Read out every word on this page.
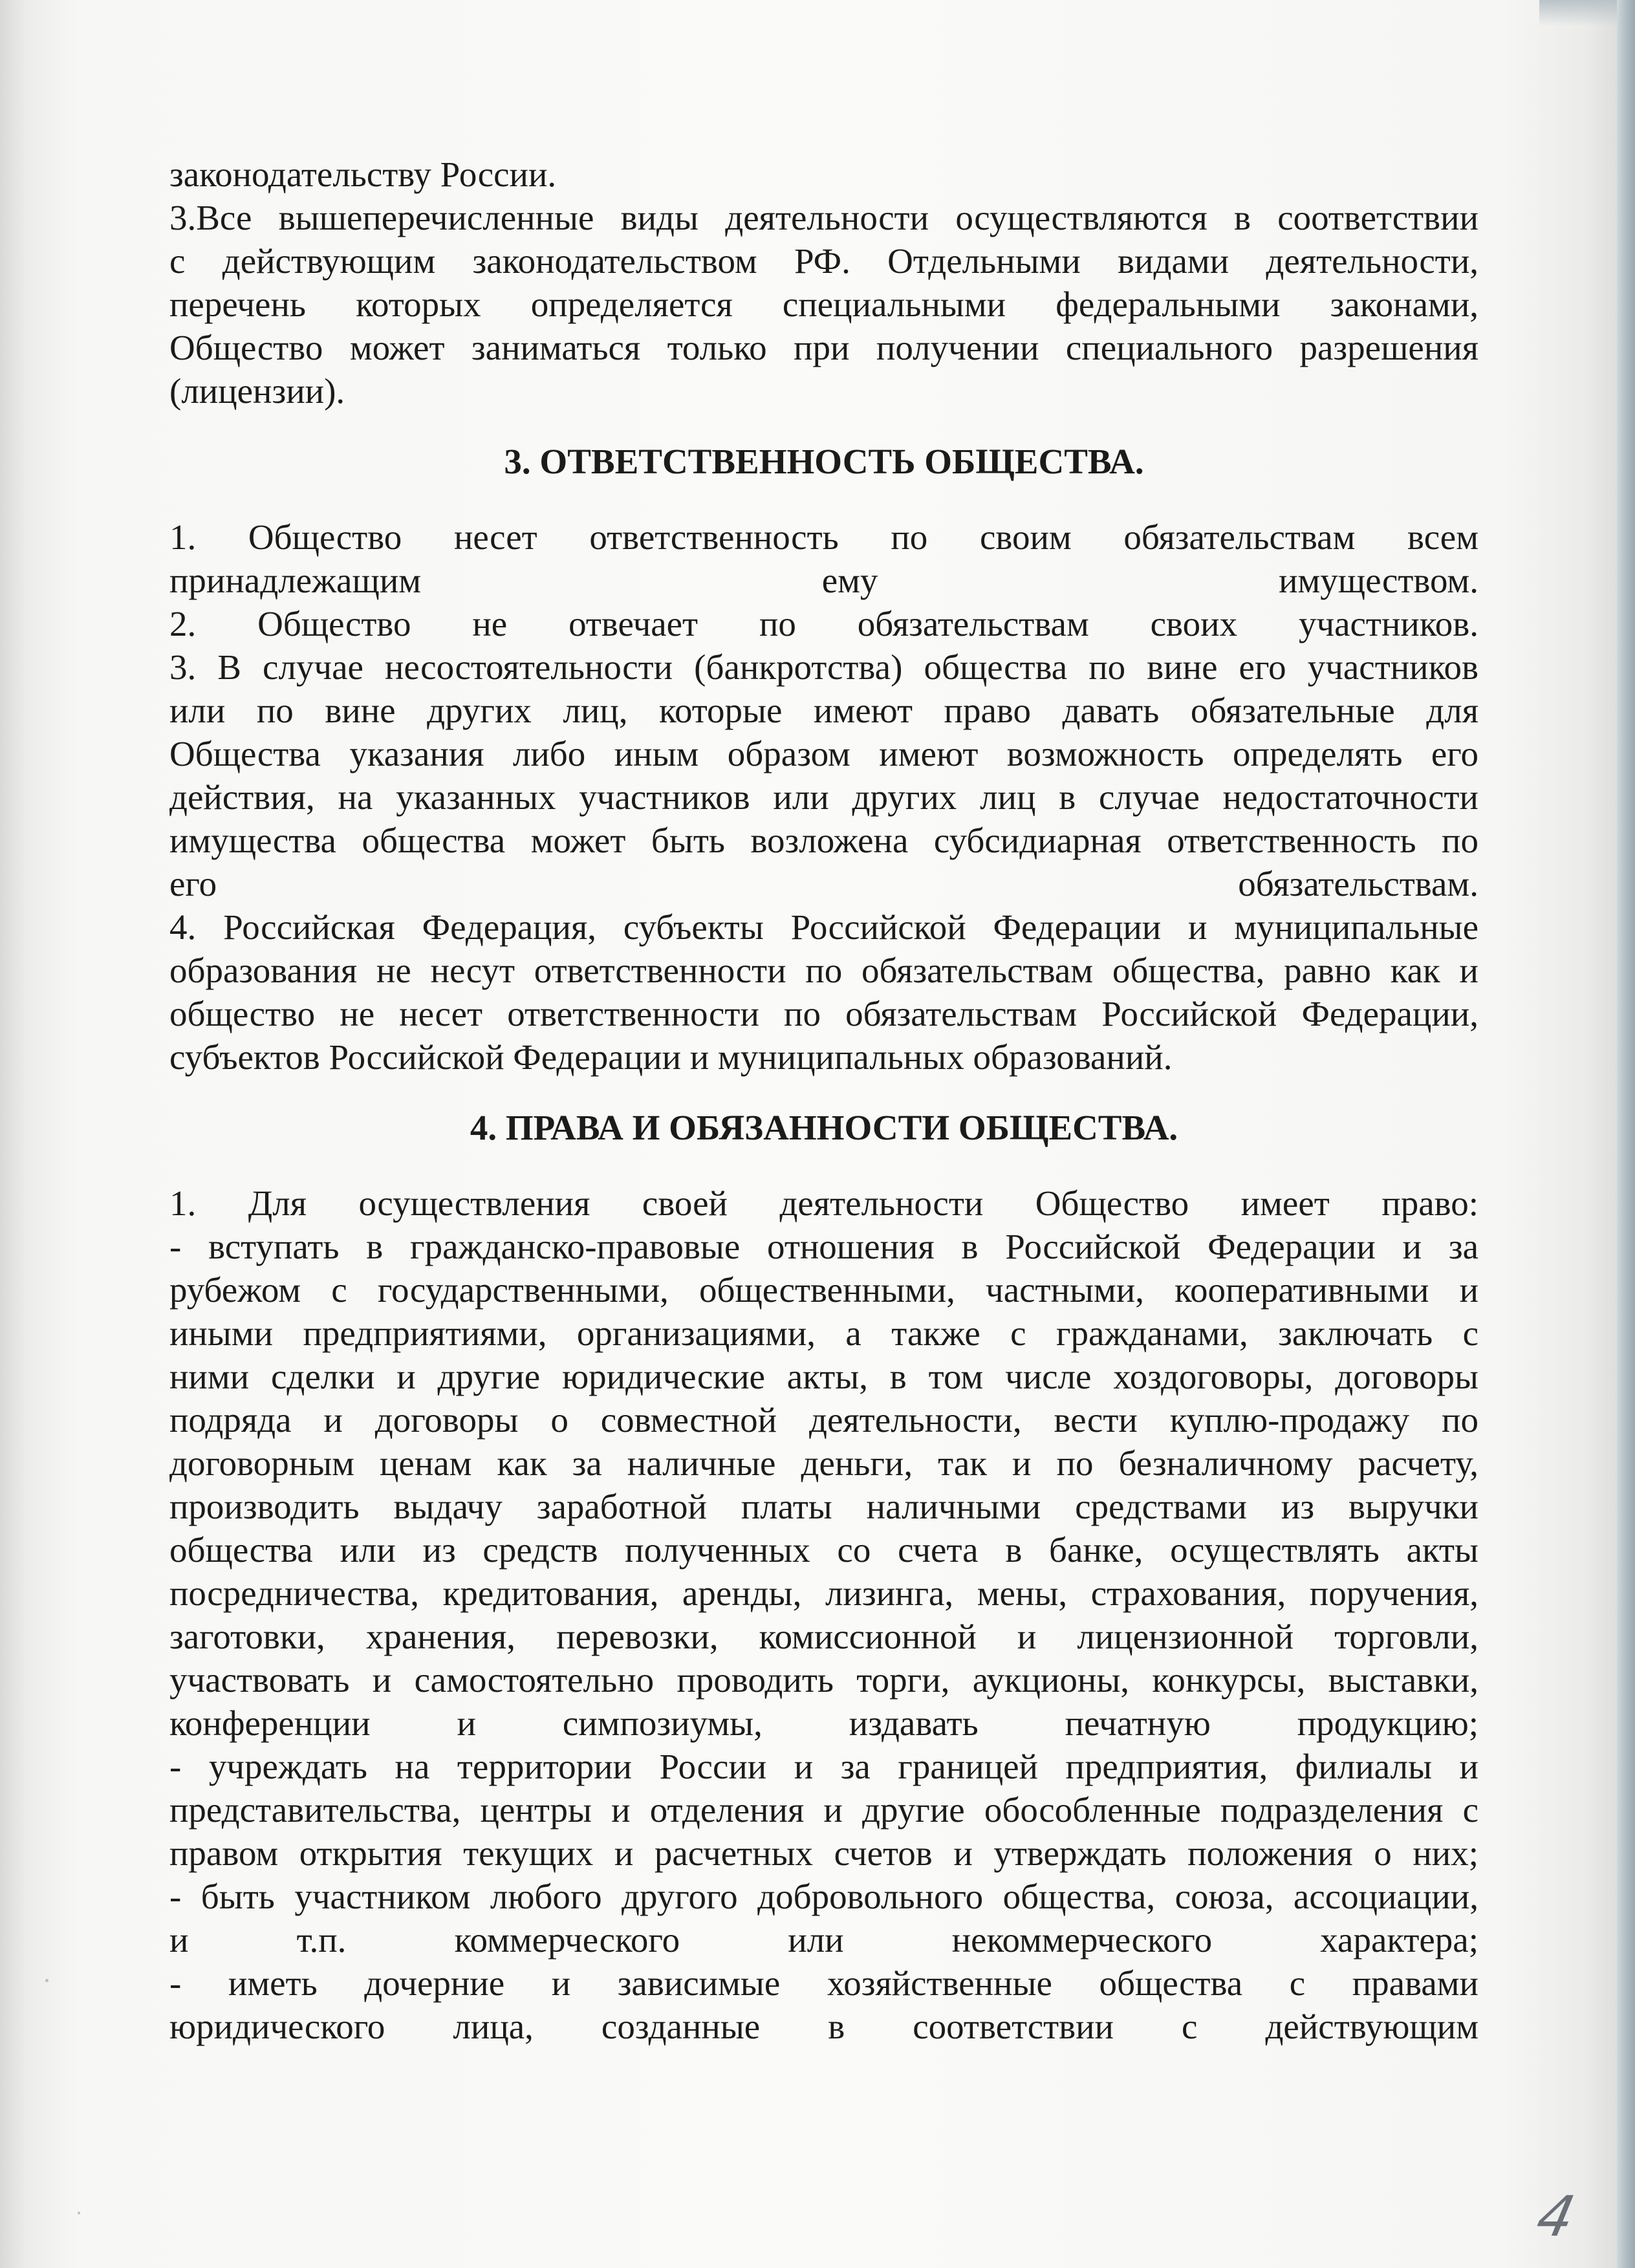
законодательству России.

3.Все вышеперечисленные виды деятельности осуществляются в соответствии

с действующим законодательством РФ. Отдельными видами деятельности,

перечень которых определяется специальными федеральными законами,

Общество может заниматься только при получении специального разрешения

(лицензии).

3. ОТВЕТСТВЕННОСТЬ ОБЩЕСТВА.

1. Общество несет ответственность по своим обязательствам всем

принадлежащим ему имуществом.

2. Общество не отвечает по обязательствам своих участников.

3. В случае несостоятельности (банкротства) общества по вине его участников

или по вине других лиц, которые имеют право давать обязательные для

Общества указания либо иным образом имеют возможность определять его

действия, на указанных участников или других лиц в случае недостаточности

имущества общества может быть возложена субсидиарная ответственность по

его обязательствам.

4. Российская Федерация, субъекты Российской Федерации и муниципальные

образования не несут ответственности по обязательствам общества, равно как и

общество не несет ответственности по обязательствам Российской Федерации,

субъектов Российской Федерации и муниципальных образований.

4. ПРАВА И ОБЯЗАННОСТИ ОБЩЕСТВА.

1. Для осуществления своей деятельности Общество имеет право:

- вступать в гражданско-правовые отношения в Российской Федерации и за

рубежом с государственными, общественными, частными, кооперативными и

иными предприятиями, организациями, а также с гражданами, заключать с

ними сделки и другие юридические акты, в том числе хоздоговоры, договоры

подряда и договоры о совместной деятельности, вести куплю-продажу по

договорным ценам как за наличные деньги, так и по безналичному расчету,

производить выдачу заработной платы наличными средствами из выручки

общества или из средств полученных со счета в банке, осуществлять акты

посредничества, кредитования, аренды, лизинга, мены, страхования, поручения,

заготовки, хранения, перевозки, комиссионной и лицензионной торговли,

участвовать и самостоятельно проводить торги, аукционы, конкурсы, выставки,

конференции и симпозиумы, издавать печатную продукцию;

- учреждать на территории России и за границей предприятия, филиалы и

представительства, центры и отделения и другие обособленные подразделения с

правом открытия текущих и расчетных счетов и утверждать положения о них;

- быть участником любого другого добровольного общества, союза, ассоциации,

и т.п. коммерческого или некоммерческого характера;

- иметь дочерние и зависимые хозяйственные общества с правами

юридического лица, созданные в соответствии с действующим

4
